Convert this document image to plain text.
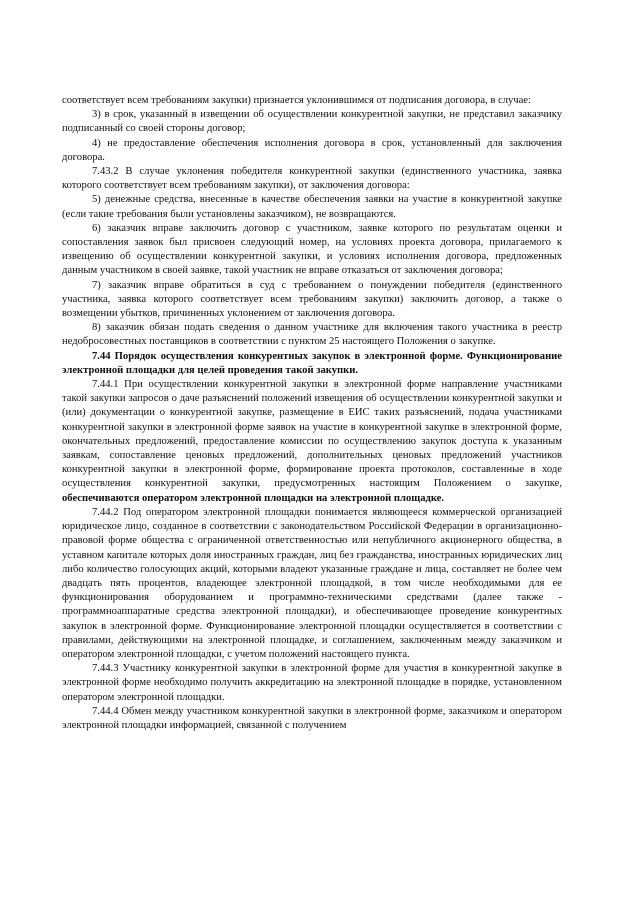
соответствует всем требованиям закупки) признается уклонившимся от подписания договора, в случае:

3) в срок, указанный в извещении об осуществлении конкурентной закупки, не представил заказчику подписанный со своей стороны договор;

4) не предоставление обеспечения исполнения договора в срок, установленный для заключения договора.

7.43.2 В случае уклонения победителя конкурентной закупки (единственного участника, заявка которого соответствует всем требованиям закупки), от заключения договора:

5) денежные средства, внесенные в качестве обеспечения заявки на участие в конкурентной закупке (если такие требования были установлены заказчиком), не возвращаются.

6) заказчик вправе заключить договор с участником, заявке которого по результатам оценки и сопоставления заявок был присвоен следующий номер, на условиях проекта договора, прилагаемого к извещению об осуществлении конкурентной закупки, и условиях исполнения договора, предложенных данным участником в своей заявке, такой участник не вправе отказаться от заключения договора;

7) заказчик вправе обратиться в суд с требованием о понуждении победителя (единственного участника, заявка которого соответствует всем требованиям закупки) заключить договор, а также о возмещении убытков, причиненных уклонением от заключения договора.

8) заказчик обязан подать сведения о данном участнике для включения такого участника в реестр недобросовестных поставщиков в соответствии с пунктом 25 настоящего Положения о закупке.

7.44 Порядок осуществления конкурентных закупок в электронной форме. Функционирование электронной площадки для целей проведения такой закупки.

7.44.1 При осуществлении конкурентной закупки в электронной форме направление участниками такой закупки запросов о даче разъяснений положений извещения об осуществлении конкурентной закупки и (или) документации о конкурентной закупке, размещение в ЕИС таких разъяснений, подача участниками конкурентной закупки в электронной форме заявок на участие в конкурентной закупке в электронной форме, окончательных предложений, предоставление комиссии по осуществлению закупок доступа к указанным заявкам, сопоставление ценовых предложений, дополнительных ценовых предложений участников конкурентной закупки в электронной форме, формирование проекта протоколов, составленные в ходе осуществления конкурентной закупки, предусмотренных настоящим Положением о закупке, обеспечиваются оператором электронной площадки на электронной площадке.

7.44.2 Под оператором электронной площадки понимается являющееся коммерческой организацией юридическое лицо, созданное в соответствии с законодательством Российской Федерации в организационно-правовой форме общества с ограниченной ответственностью или непубличного акционерного общества, в уставном капитале которых доля иностранных граждан, лиц без гражданства, иностранных юридических лиц либо количество голосующих акций, которыми владеют указанные граждане и лица, составляет не более чем двадцать пять процентов, владеющее электронной площадкой, в том числе необходимыми для ее функционирования оборудованием и программно-техническими средствами (далее также - программноаппаратные средства электронной площадки), и обеспечивающее проведение конкурентных закупок в электронной форме. Функционирование электронной площадки осуществляется в соответствии с правилами, действующими на электронной площадке, и соглашением, заключенным между заказчиком и оператором электронной площадки, с учетом положений настоящего пункта.

7.44.3 Участнику конкурентной закупки в электронной форме для участия в конкурентной закупке в электронной форме необходимо получить аккредитацию на электронной площадке в порядке, установленном оператором электронной площадки.

7.44.4 Обмен между участником конкурентной закупки в электронной форме, заказчиком и оператором электронной площадки информацией, связанной с получением
